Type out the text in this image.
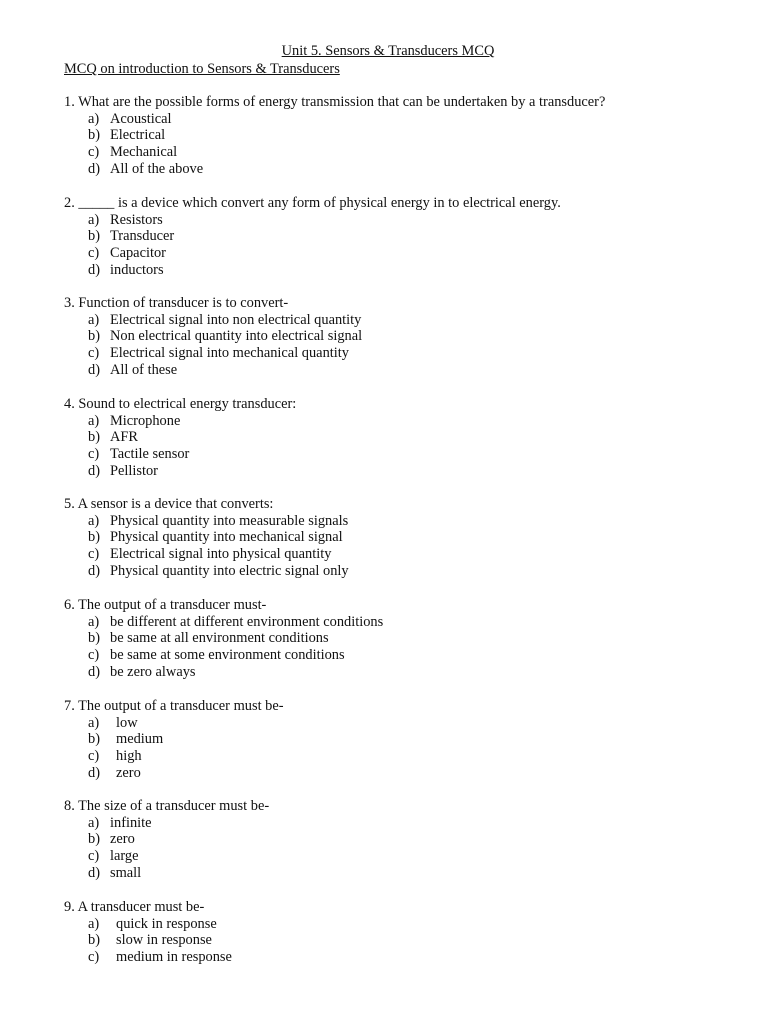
Unit 5. Sensors & Transducers MCQ
MCQ on introduction to Sensors & Transducers
1. What are the possible forms of energy transmission that can be undertaken by a transducer?
a) Acoustical
b) Electrical
c) Mechanical
d) All of the above
2. _____ is a device which convert any form of physical energy in to electrical energy.
a) Resistors
b) Transducer
c) Capacitor
d) inductors
3. Function of transducer is to convert-
a) Electrical signal into non electrical quantity
b) Non electrical quantity into electrical signal
c) Electrical signal into mechanical quantity
d) All of these
4. Sound to electrical energy transducer:
a) Microphone
b) AFR
c) Tactile sensor
d) Pellistor
5. A sensor is a device that converts:
a) Physical quantity into measurable signals
b) Physical quantity into mechanical signal
c) Electrical signal into physical quantity
d) Physical quantity into electric signal only
6. The output of a transducer must-
a) be different at different environment conditions
b) be same at all environment conditions
c) be same at some environment conditions
d) be zero always
7. The output of a transducer must be-
a) low
b) medium
c) high
d) zero
8. The size of a transducer must be-
a) infinite
b) zero
c) large
d) small
9. A transducer must be-
a) quick in response
b) slow in response
c) medium in response
